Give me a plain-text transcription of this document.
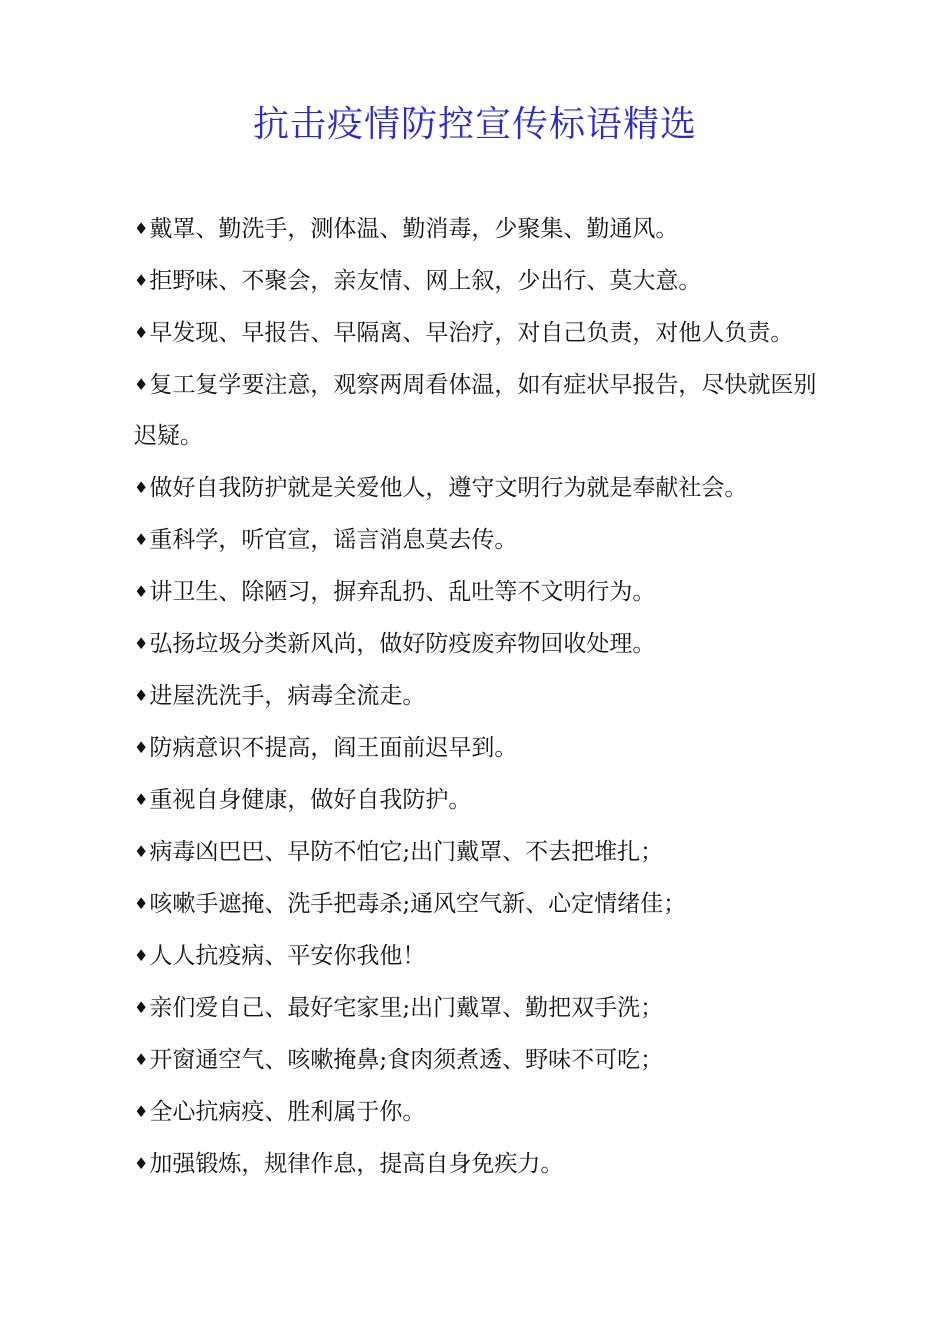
抗击疫情防控宣传标语精选
♦戴罩、勤洗手，测体温、勤消毒，少聚集、勤通风。
♦拒野味、不聚会，亲友情、网上叙，少出行、莫大意。
♦早发现、早报告、早隔离、早治疗，对自己负责，对他人负责。
♦复工复学要注意，观察两周看体温，如有症状早报告，尽快就医别迟疑。
♦做好自我防护就是关爱他人，遵守文明行为就是奉献社会。
♦重科学，听官宣，谣言消息莫去传。
♦讲卫生、除陋习，摒弃乱扔、乱吐等不文明行为。
♦弘扬垃圾分类新风尚，做好防疫废弃物回收处理。
♦进屋洗洗手，病毒全流走。
♦防病意识不提高，阎王面前迟早到。
♦重视自身健康，做好自我防护。
♦病毒凶巴巴、早防不怕它;出门戴罩、不去把堆扎；
♦咳嗽手遮掩、洗手把毒杀;通风空气新、心定情绪佳；
♦人人抗疫病、平安你我他！
♦亲们爱自己、最好宅家里;出门戴罩、勤把双手洗；
♦开窗通空气、咳嗽掩鼻;食肉须煮透、野味不可吃；
♦全心抗病疫、胜利属于你。
♦加强锻炼，规律作息，提高自身免疾力。
